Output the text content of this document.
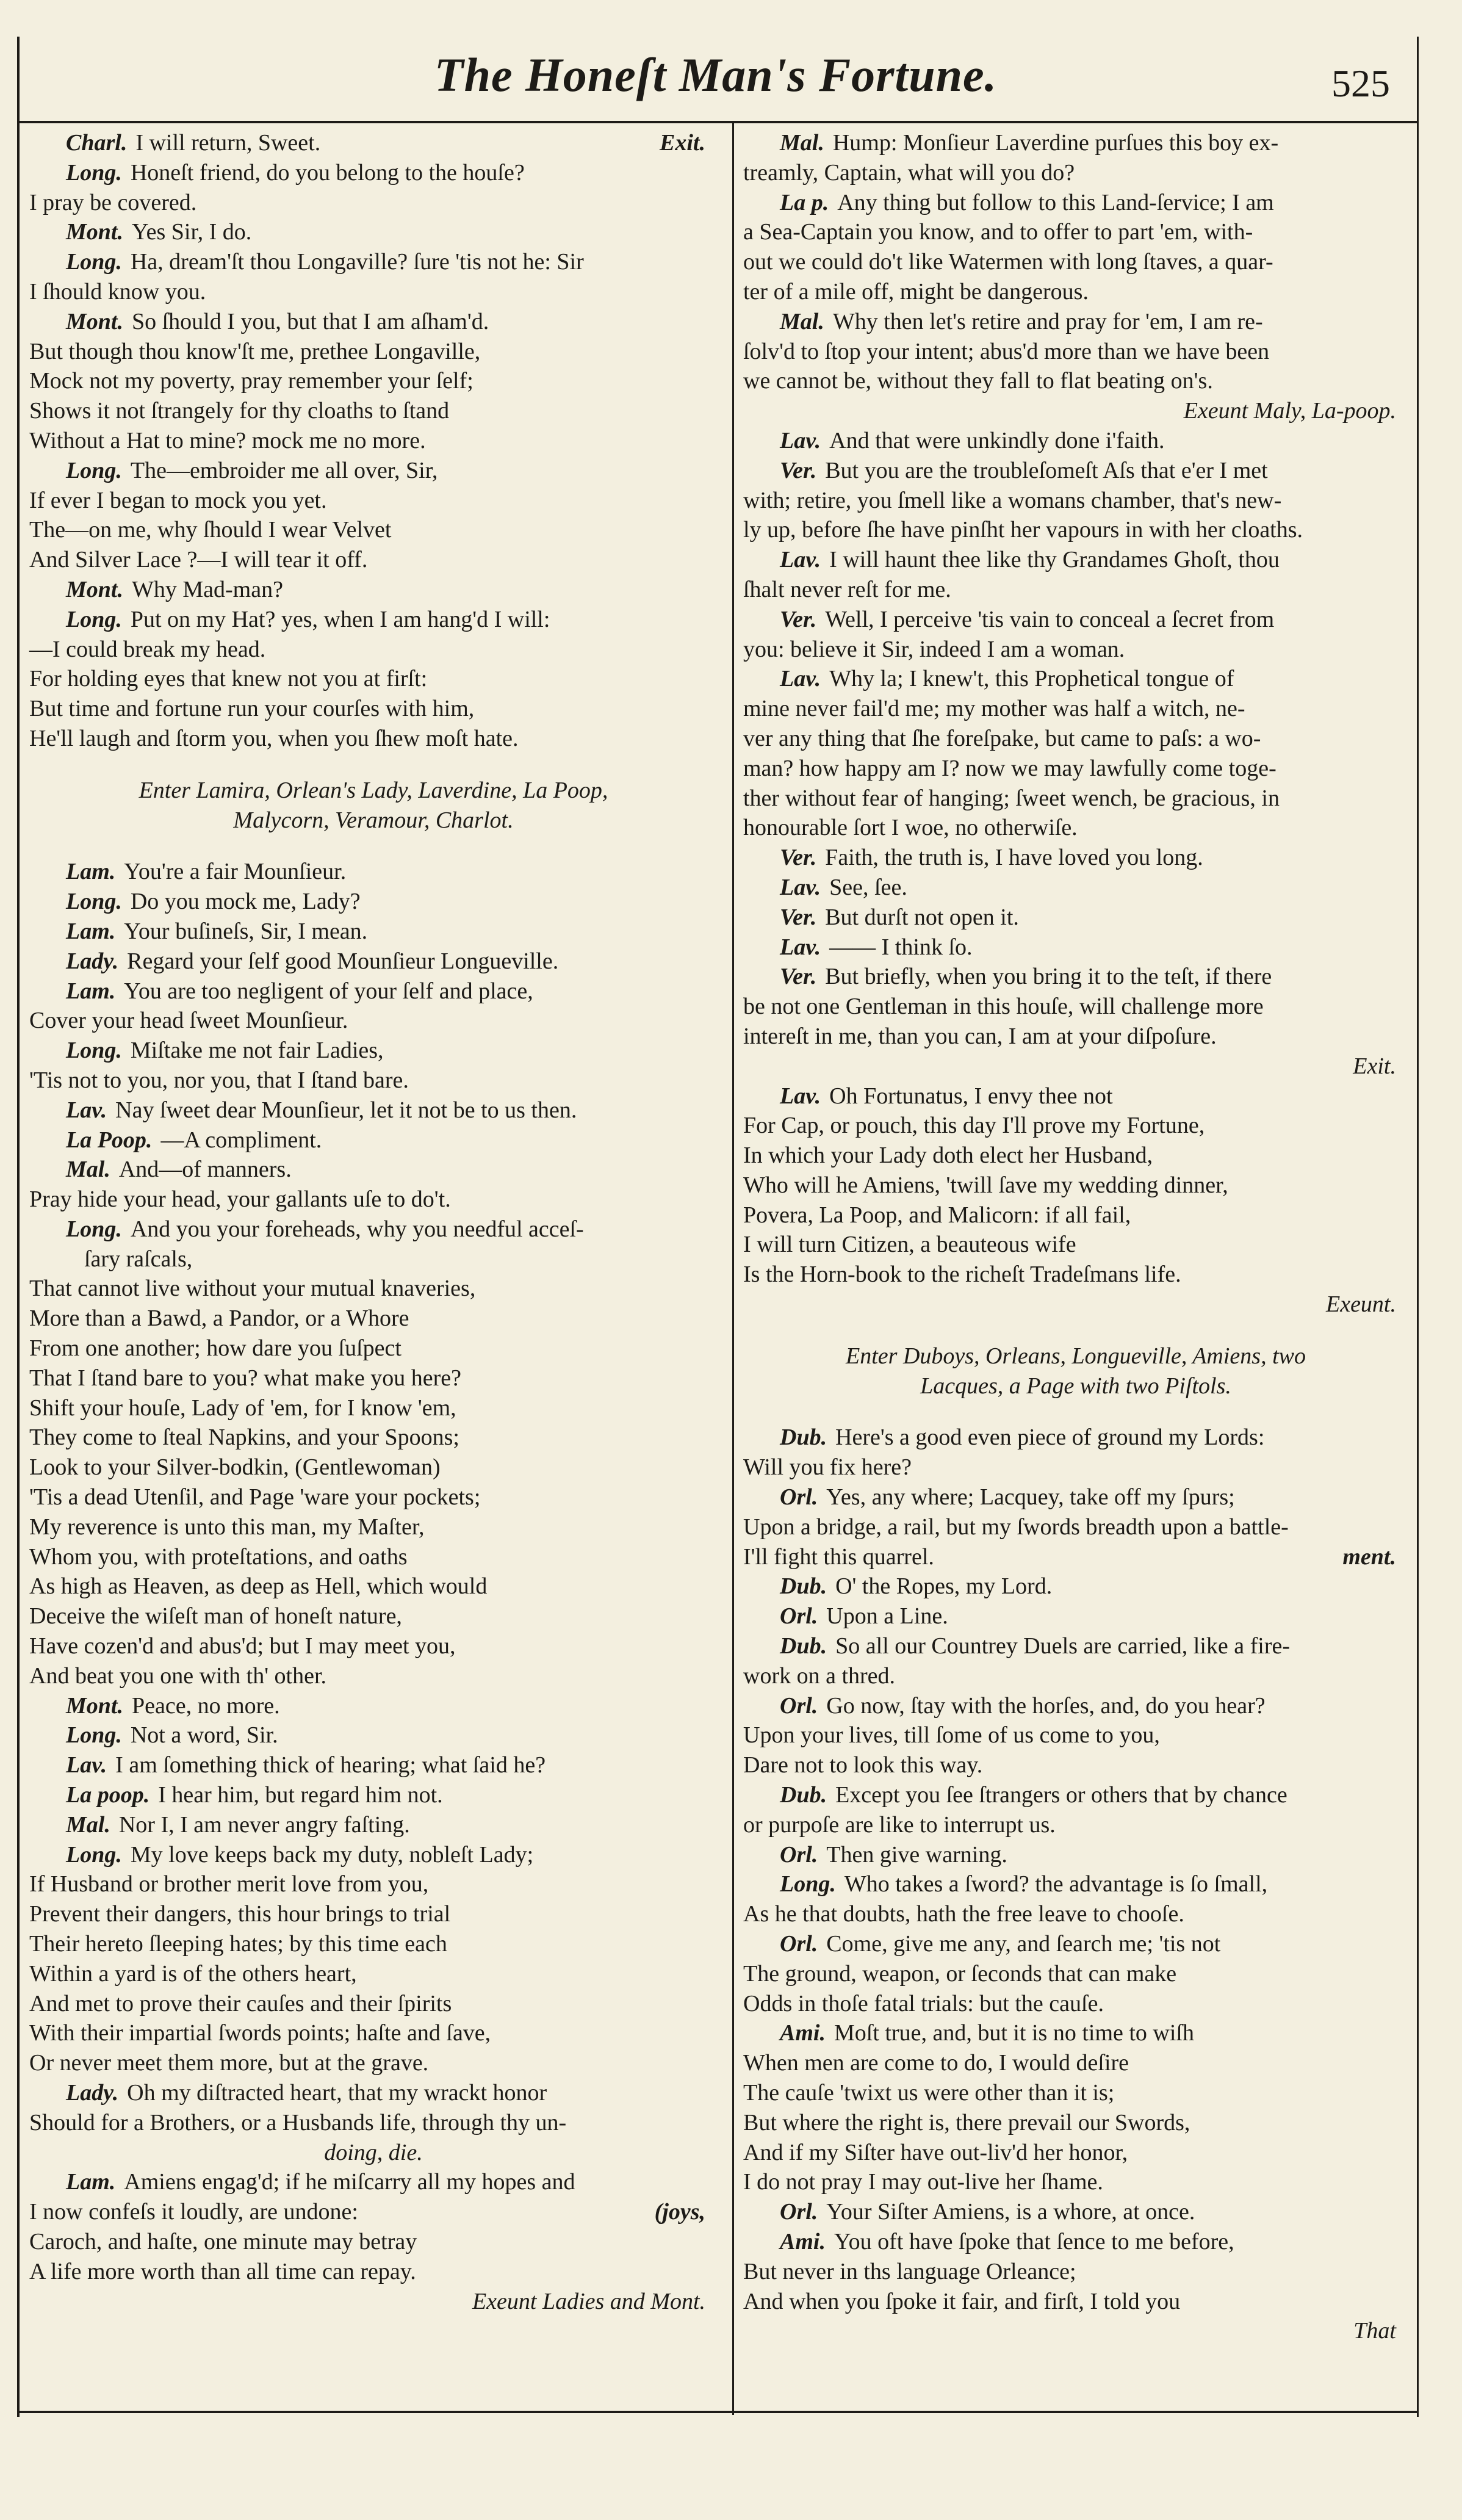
The Honeſt Man's Fortune.	525
Charl. I will return, Sweet.	Exit.
Long. Honeſt friend, do you belong to the houſe?
I pray be covered.
Mont. Yes Sir, I do.
Long. Ha, dream'ſt thou Longaville? ſure 'tis not he: Sir
I ſhould know you.
Mont. So ſhould I you, but that I am aſham'd.
But though thou know'ſt me, prethee Longaville,
Mock not my poverty, pray remember your ſelf;
Shows it not ſtrangely for thy cloaths to ſtand
Without a Hat to mine? mock me no more.
Long. The—embroider me all over, Sir,
If ever I began to mock you yet.
The—on me, why ſhould I wear Velvet
And Silver Lace ?—I will tear it off.
Mont. Why Mad-man?
Long. Put on my Hat? yes, when I am hang'd I will:
—I could break my head.
For holding eyes that knew not you at firſt:
But time and fortune run your courſes with him,
He'll laugh and ſtorm you, when you ſhew moſt hate.
Enter Lamira, Orlean's Lady, Laverdine, La Poop,
Malycorn, Veramour, Charlot.
Lam. You're a fair Mounſieur.
Long. Do you mock me, Lady?
Lam. Your buſineſs, Sir, I mean.
Lady. Regard your ſelf good Mounſieur Longueville.
Lam. You are too negligent of your ſelf and place,
Cover your head ſweet Mounſieur.
Long. Miſtake me not fair Ladies,
'Tis not to you, nor you, that I ſtand bare.
Lav. Nay ſweet dear Mounſieur, let it not be to us then.
La Poop. —A compliment.
Mal. And—of manners.
Pray hide your head, your gallants uſe to do't.
Long. And you your foreheads, why you needful acceſ-
ſary raſcals,
That cannot live without your mutual knaveries,
More than a Bawd, a Pandor, or a Whore
From one another; how dare you ſuſpect
That I ſtand bare to you? what make you here?
Shift your houſe, Lady of 'em, for I know 'em,
They come to ſteal Napkins, and your Spoons;
Look to your Silver-bodkin, (Gentlewoman)
'Tis a dead Utenſil, and Page 'ware your pockets;
My reverence is unto this man, my Maſter,
Whom you, with proteſtations, and oaths
As high as Heaven, as deep as Hell, which would
Deceive the wiſeſt man of honeſt nature,
Have cozen'd and abus'd; but I may meet you,
And beat you one with th' other.
Mont. Peace, no more.
Long. Not a word, Sir.
Lav. I am ſomething thick of hearing; what ſaid he?
La poop. I hear him, but regard him not.
Mal. Nor I, I am never angry faſting.
Long. My love keeps back my duty, nobleſt Lady;
If Husband or brother merit love from you,
Prevent their dangers, this hour brings to trial
Their hereto ſleeping hates; by this time each
Within a yard is of the others heart,
And met to prove their cauſes and their ſpirits
With their impartial ſwords points; haſte and ſave,
Or never meet them more, but at the grave.
Lady. Oh my diſtracted heart, that my wrackt honor
Should for a Brothers, or a Husbands life, through thy un-
doing, die.
Lam. Amiens engag'd; if he miſcarry all my hopes and
I now confeſs it loudly, are undone:	(joys,
Caroch, and haſte, one minute may betray
A life more worth than all time can repay.
Exeunt Ladies and Mont.
Mal. Hump: Monſieur Laverdine purſues this boy ex-
treamly, Captain, what will you do?
La p. Any thing but follow to this Land-ſervice; I am
a Sea-Captain you know, and to offer to part 'em, with-
out we could do't like Watermen with long ſtaves, a quar-
ter of a mile off, might be dangerous.
Mal. Why then let's retire and pray for 'em, I am re-
ſolv'd to ſtop your intent; abus'd more than we have been
we cannot be, without they fall to flat beating on's.
Exeunt Maly, La-poop.
Lav. And that were unkindly done i'faith.
Ver. But you are the troubleſomeſt Aſs that e'er I met
with; retire, you ſmell like a womans chamber, that's new-
ly up, before ſhe have pinſht her vapours in with her cloaths.
Lav. I will haunt thee like thy Grandames Ghoſt, thou
ſhalt never reſt for me.
Ver. Well, I perceive 'tis vain to conceal a ſecret from
you: believe it Sir, indeed I am a woman.
Lav. Why la; I knew't, this Prophetical tongue of
mine never fail'd me; my mother was half a witch, ne-
ver any thing that ſhe foreſpake, but came to paſs: a wo-
man? how happy am I? now we may lawfully come toge-
ther without fear of hanging; ſweet wench, be gracious, in
honourable ſort I woe, no otherwiſe.
Ver. Faith, the truth is, I have loved you long.
Lav. See, ſee.
Ver. But durſt not open it.
Lav. —— I think ſo.
Ver. But briefly, when you bring it to the teſt, if there
be not one Gentleman in this houſe, will challenge more
intereſt in me, than you can, I am at your diſpoſure.
Exit.
Lav. Oh Fortunatus, I envy thee not
For Cap, or pouch, this day I'll prove my Fortune,
In which your Lady doth elect her Husband,
Who will he Amiens, 'twill ſave my wedding dinner,
Povera, La Poop, and Malicorn: if all fail,
I will turn Citizen, a beauteous wife
Is the Horn-book to the richeſt Tradeſmans life.
Exeunt.
Enter Duboys, Orleans, Longueville, Amiens, two
Lacques, a Page with two Piſtols.
Dub. Here's a good even piece of ground my Lords:
Will you fix here?
Orl. Yes, any where; Lacquey, take off my ſpurs;
Upon a bridge, a rail, but my ſwords breadth upon a battle-
I'll fight this quarrel.	ment.
Dub. O' the Ropes, my Lord.
Orl. Upon a Line.
Dub. So all our Countrey Duels are carried, like a fire-
work on a thred.
Orl. Go now, ſtay with the horſes, and, do you hear?
Upon your lives, till ſome of us come to you,
Dare not to look this way.
Dub. Except you ſee ſtrangers or others that by chance
or purpoſe are like to interrupt us.
Orl. Then give warning.
Long. Who takes a ſword? the advantage is ſo ſmall,
As he that doubts, hath the free leave to chooſe.
Orl. Come, give me any, and ſearch me; 'tis not
The ground, weapon, or ſeconds that can make
Odds in thoſe fatal trials: but the cauſe.
Ami. Moſt true, and, but it is no time to wiſh
When men are come to do, I would deſire
The cauſe 'twixt us were other than it is;
But where the right is, there prevail our Swords,
And if my Siſter have out-liv'd her honor,
I do not pray I may out-live her ſhame.
Orl. Your Siſter Amiens, is a whore, at once.
Ami. You oft have ſpoke that ſence to me before,
But never in ths language Orleance;
And when you ſpoke it fair, and firſt, I told you
That
